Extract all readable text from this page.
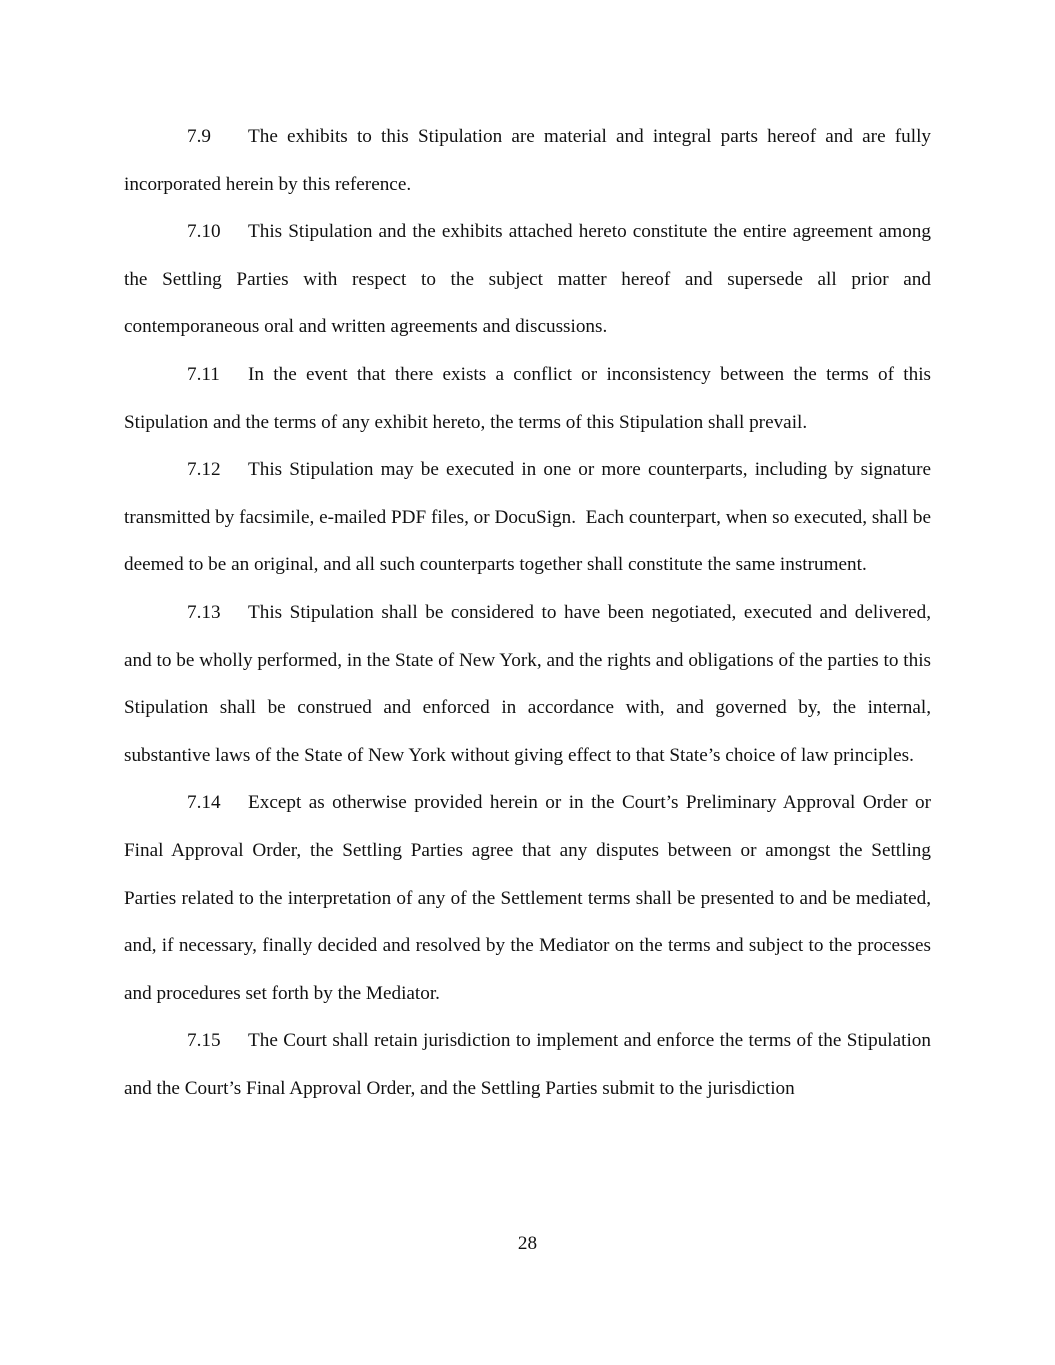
7.9 The exhibits to this Stipulation are material and integral parts hereof and are fully incorporated herein by this reference.

7.10 This Stipulation and the exhibits attached hereto constitute the entire agreement among the Settling Parties with respect to the subject matter hereof and supersede all prior and contemporaneous oral and written agreements and discussions.

7.11 In the event that there exists a conflict or inconsistency between the terms of this Stipulation and the terms of any exhibit hereto, the terms of this Stipulation shall prevail.

7.12 This Stipulation may be executed in one or more counterparts, including by signature transmitted by facsimile, e-mailed PDF files, or DocuSign.  Each counterpart, when so executed, shall be deemed to be an original, and all such counterparts together shall constitute the same instrument.

7.13 This Stipulation shall be considered to have been negotiated, executed and delivered, and to be wholly performed, in the State of New York, and the rights and obligations of the parties to this Stipulation shall be construed and enforced in accordance with, and governed by, the internal, substantive laws of the State of New York without giving effect to that State’s choice of law principles.

7.14 Except as otherwise provided herein or in the Court’s Preliminary Approval Order or Final Approval Order, the Settling Parties agree that any disputes between or amongst the Settling Parties related to the interpretation of any of the Settlement terms shall be presented to and be mediated, and, if necessary, finally decided and resolved by the Mediator on the terms and subject to the processes and procedures set forth by the Mediator.

7.15 The Court shall retain jurisdiction to implement and enforce the terms of the Stipulation and the Court’s Final Approval Order, and the Settling Parties submit to the jurisdiction

28
